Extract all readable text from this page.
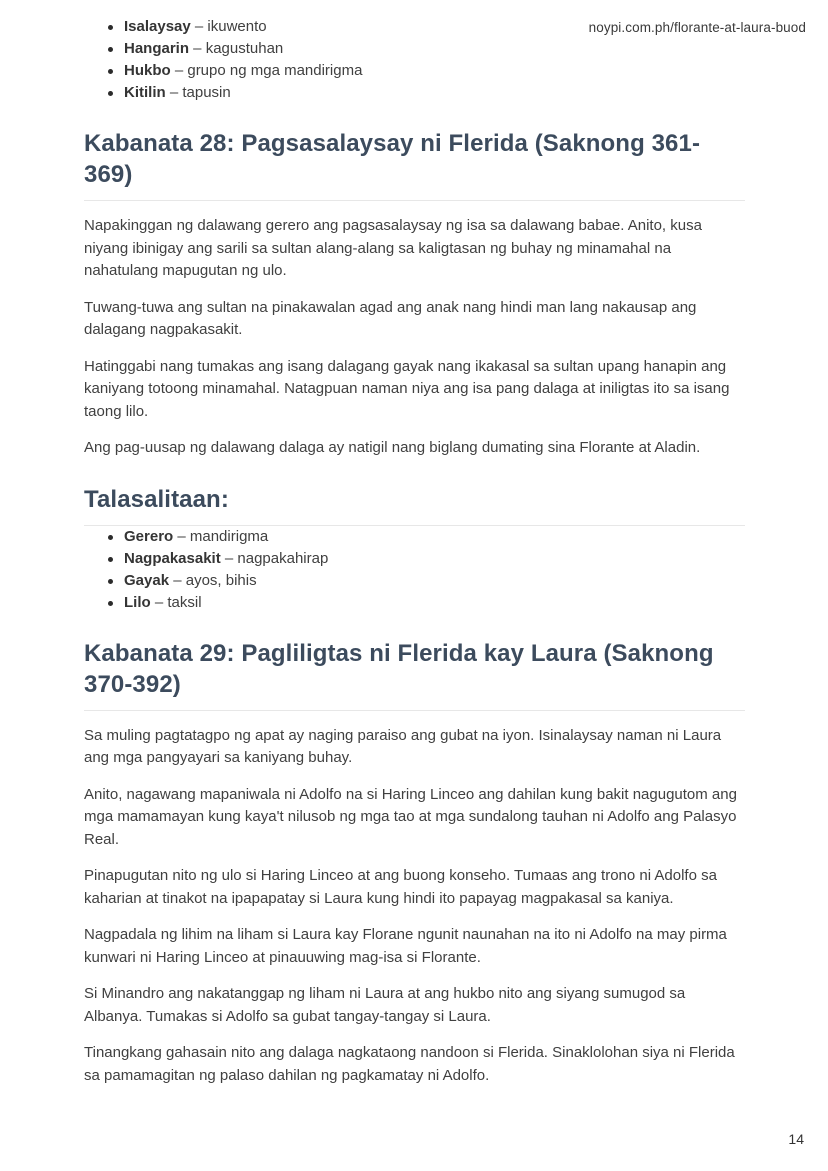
noypi.com.ph/florante-at-laura-buod
Isalaysay – ikuwento
Hangarin – kagustuhan
Hukbo – grupo ng mga mandirigma
Kitilin – tapusin
Kabanata 28: Pagsasalaysay ni Flerida (Saknong 361-369)

Napakinggan ng dalawang gerero ang pagsasalaysay ng isa sa dalawang babae. Anito, kusa niyang ibinigay ang sarili sa sultan alang-alang sa kaligtasan ng buhay ng minamahal na nahatulang mapugutan ng ulo.

Tuwang-tuwa ang sultan na pinakawalan agad ang anak nang hindi man lang nakausap ang dalagang nagpakasakit.

Hatinggabi nang tumakas ang isang dalagang gayak nang ikakasal sa sultan upang hanapin ang kaniyang totoong minamahal. Natagpuan naman niya ang isa pang dalaga at iniligtas ito sa isang taong lilo.

Ang pag-uusap ng dalawang dalaga ay natigil nang biglang dumating sina Florante at Aladin.

Talasalitaan:
Gerero – mandirigma
Nagpakasakit – nagpakahirap
Gayak – ayos, bihis
Lilo – taksil
Kabanata 29: Pagliligtas ni Flerida kay Laura (Saknong 370-392)

Sa muling pagtatagpo ng apat ay naging paraiso ang gubat na iyon. Isinalaysay naman ni Laura ang mga pangyayari sa kaniyang buhay.

Anito, nagawang mapaniwala ni Adolfo na si Haring Linceo ang dahilan kung bakit nagugutom ang mga mamamayan kung kaya't nilusob ng mga tao at mga sundalong tauhan ni Adolfo ang Palasyo Real.

Pinapugutan nito ng ulo si Haring Linceo at ang buong konseho. Tumaas ang trono ni Adolfo sa kaharian at tinakot na ipapapatay si Laura kung hindi ito papayag magpakasal sa kaniya.

Nagpadala ng lihim na liham si Laura kay Florane ngunit naunahan na ito ni Adolfo na may pirma kunwari ni Haring Linceo at pinauuwing mag-isa si Florante.

Si Minandro ang nakatanggap ng liham ni Laura at ang hukbo nito ang siyang sumugod sa Albanya. Tumakas si Adolfo sa gubat tangay-tangay si Laura.

Tinangkang gahasain nito ang dalaga nagkataong nandoon si Flerida. Sinaklolohan siya ni Flerida sa pamamagitan ng palaso dahilan ng pagkamatay ni Adolfo.

14
